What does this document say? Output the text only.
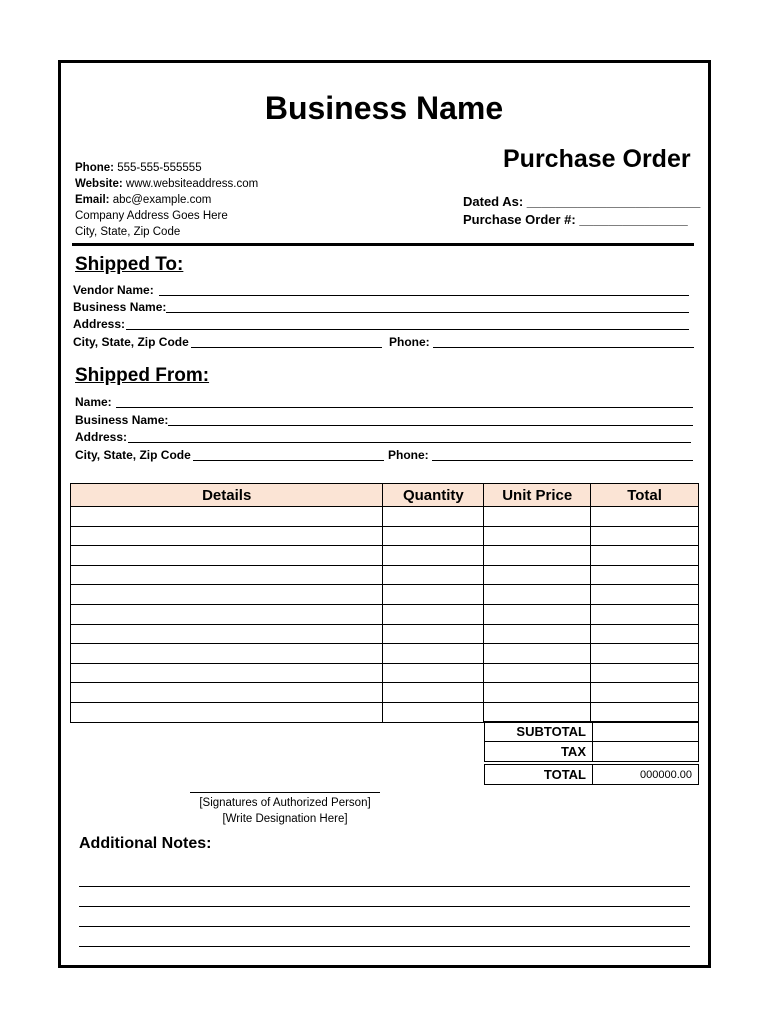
Business Name
Purchase Order
Phone: 555-555-555555
Website: www.websiteaddress.com
Email: abc@example.com
Company Address Goes Here
City, State, Zip Code
Dated As: ________________________
Purchase Order #: _______________
Shipped To:
Vendor Name:
Business Name:
Address:
City, State, Zip Code	Phone:
Shipped From:
Name:
Business Name:
Address:
City, State, Zip Code	Phone:
Details	Quantity	Unit Price	Total

SUBTOTAL	
TAX	
TOTAL	000000.00
[Signatures of Authorized Person]
[Write Designation Here]
Additional Notes:
